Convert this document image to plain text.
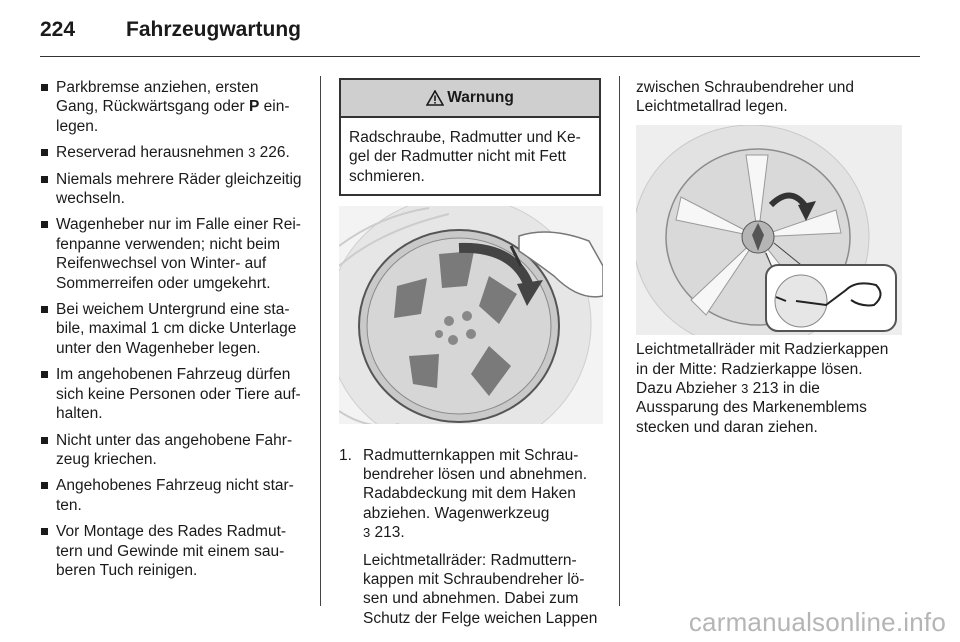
224 Fahrzeugwartung
Parkbremse anziehen, ersten Gang, Rückwärtsgang oder P einlegen.
Reserverad herausnehmen 3 226.
Niemals mehrere Räder gleichzeitig wechseln.
Wagenheber nur im Falle einer Reifenpanne verwenden; nicht beim Reifenwechsel von Winter- auf Sommerreifen oder umgekehrt.
Bei weichem Untergrund eine stabile, maximal 1 cm dicke Unterlage unter den Wagenheber legen.
Im angehobenen Fahrzeug dürfen sich keine Personen oder Tiere aufhalten.
Nicht unter das angehobene Fahrzeug kriechen.
Angehobenes Fahrzeug nicht starten.
Vor Montage des Rades Radmuttern und Gewinde mit einem sauberen Tuch reinigen.
Warnung
Radschraube, Radmutter und Kegel der Radmutter nicht mit Fett schmieren.
1. Radmutternkappen mit Schraubendreher lösen und abnehmen. Radabdeckung mit dem Haken abziehen. Wagenwerkzeug
3 213.

Leichtmetallräder: Radmutternkappen mit Schraubendreher lösen und abnehmen. Dabei zum Schutz der Felge weichen Lappen

zwischen Schraubendreher und Leichtmetallrad legen.

Leichtmetallräder mit Radzierkappen in der Mitte: Radzierkappe lösen. Dazu Abzieher 3 213 in die Aussparung des Markenemblems stecken und daran ziehen.

carmanualsonline.info
